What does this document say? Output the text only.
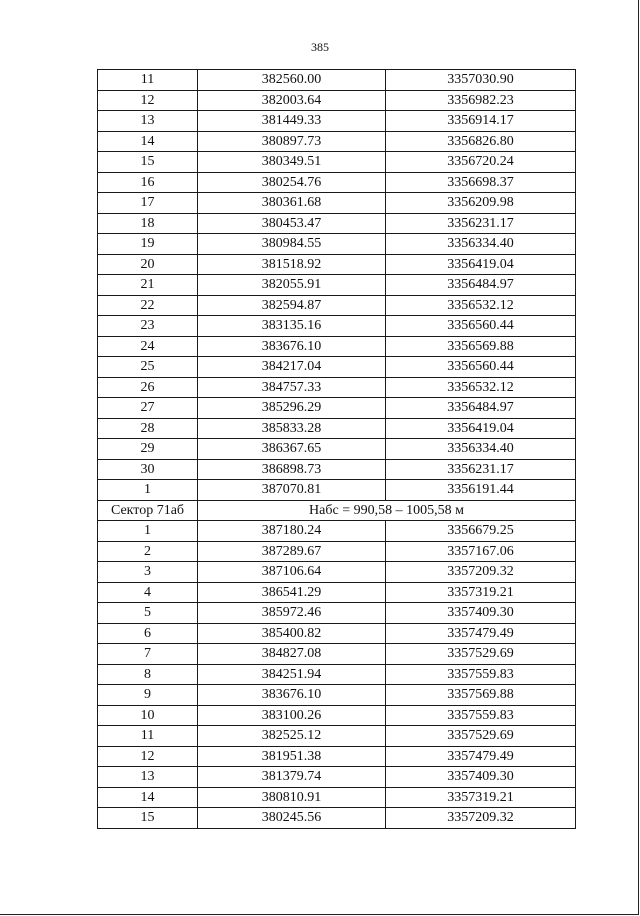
385
11	382560.00	3357030.90
12	382003.64	3356982.23
13	381449.33	3356914.17
14	380897.73	3356826.80
15	380349.51	3356720.24
16	380254.76	3356698.37
17	380361.68	3356209.98
18	380453.47	3356231.17
19	380984.55	3356334.40
20	381518.92	3356419.04
21	382055.91	3356484.97
22	382594.87	3356532.12
23	383135.16	3356560.44
24	383676.10	3356569.88
25	384217.04	3356560.44
26	384757.33	3356532.12
27	385296.29	3356484.97
28	385833.28	3356419.04
29	386367.65	3356334.40
30	386898.73	3356231.17
1	387070.81	3356191.44
Сектор 71аб	Набс = 990,58 – 1005,58 м	
1	387180.24	3356679.25
2	387289.67	3357167.06
3	387106.64	3357209.32
4	386541.29	3357319.21
5	385972.46	3357409.30
6	385400.82	3357479.49
7	384827.08	3357529.69
8	384251.94	3357559.83
9	383676.10	3357569.88
10	383100.26	3357559.83
11	382525.12	3357529.69
12	381951.38	3357479.49
13	381379.74	3357409.30
14	380810.91	3357319.21
15	380245.56	3357209.32
